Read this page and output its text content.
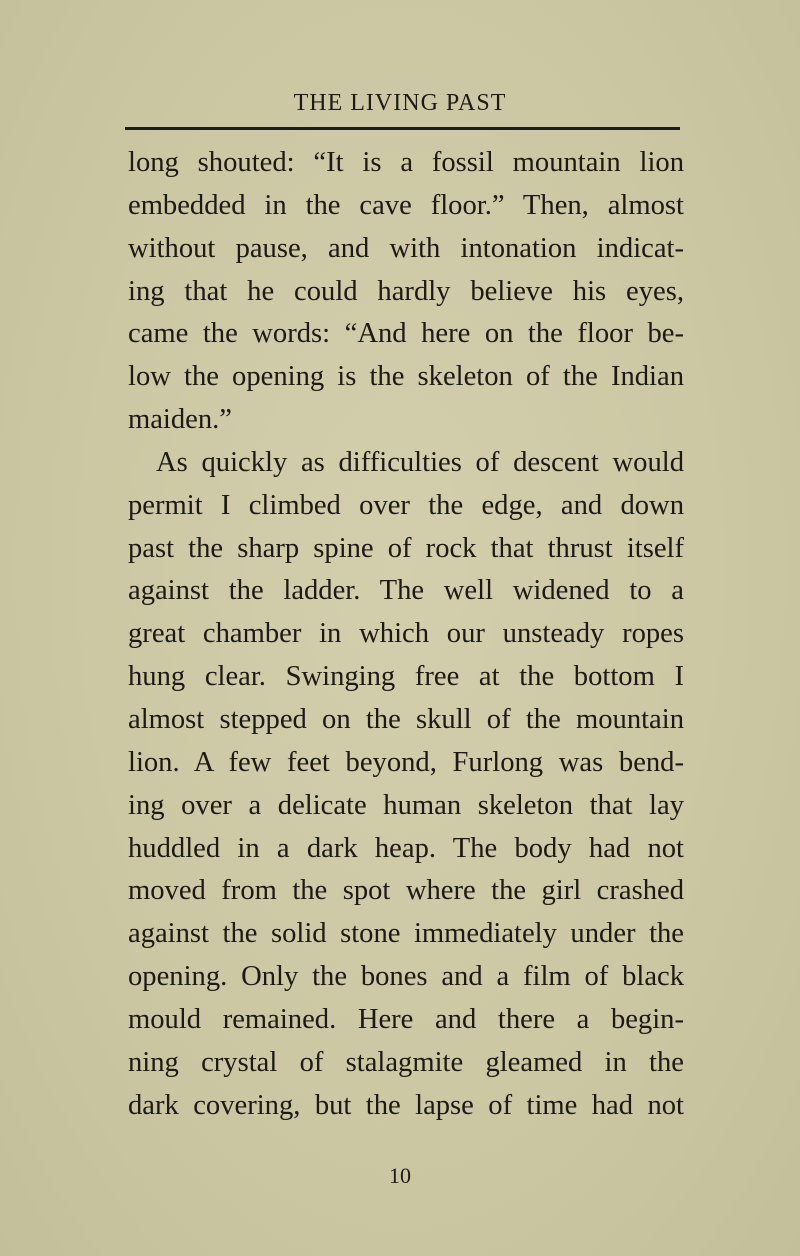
THE LIVING PAST
long shouted: “It is a fossil mountain lion
embedded in the cave floor.” Then, almost
without pause, and with intonation indicat-
ing that he could hardly believe his eyes,
came the words: “And here on the floor be-
low the opening is the skeleton of the Indian
maiden.”
As quickly as difficulties of descent would
permit I climbed over the edge, and down
past the sharp spine of rock that thrust itself
against the ladder. The well widened to a
great chamber in which our unsteady ropes
hung clear. Swinging free at the bottom I
almost stepped on the skull of the mountain
lion. A few feet beyond, Furlong was bend-
ing over a delicate human skeleton that lay
huddled in a dark heap. The body had not
moved from the spot where the girl crashed
against the solid stone immediately under the
opening. Only the bones and a film of black
mould remained. Here and there a begin-
ning crystal of stalagmite gleamed in the
dark covering, but the lapse of time had not
10
